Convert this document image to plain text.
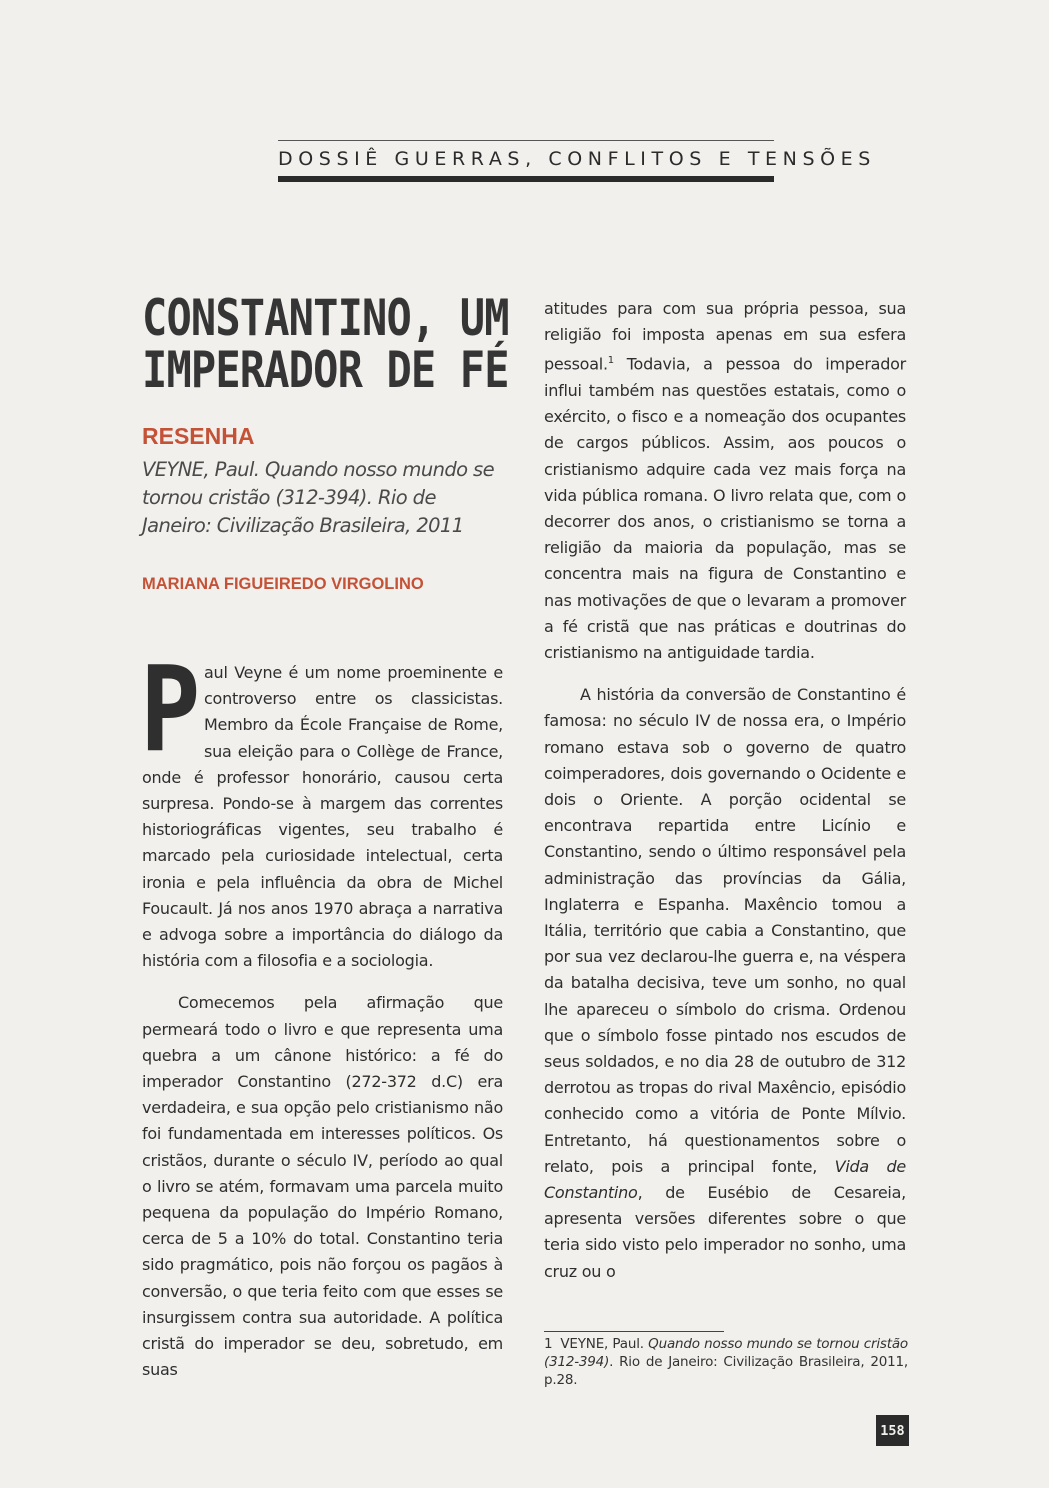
DOSSIÊ GUERRAS, CONFLITOS E TENSÕES
CONSTANTINO, UM
IMPERADOR DE FÉ
RESENHA
VEYNE, Paul. Quando nosso mundo se tornou cristão (312-394). Rio de Janeiro: Civilização Brasileira, 2011
MARIANA FIGUEIREDO VIRGOLINO

Paul Veyne é um nome proeminente e controverso entre os classicistas. Membro da École Française de Rome, sua eleição para o Collège de France, onde é professor honorário, causou certa surpresa. Pondo-se à margem das correntes historiográficas vigentes, seu trabalho é marcado pela curiosidade intelectual, certa ironia e pela influência da obra de Michel Foucault. Já nos anos 1970 abraça a narrativa e advoga sobre a importância do diálogo da história com a filosofia e a sociologia.

Comecemos pela afirmação que permeará todo o livro e que representa uma quebra a um cânone histórico: a fé do imperador Constantino (272-372 d.C) era verdadeira, e sua opção pelo cristianismo não foi fundamentada em interesses políticos. Os cristãos, durante o século IV, período ao qual o livro se atém, formavam uma parcela muito pequena da população do Império Romano, cerca de 5 a 10% do total. Constantino teria sido pragmático, pois não forçou os pagãos à conversão, o que teria feito com que esses se insurgissem contra sua autoridade. A política cristã do imperador se deu, sobretudo, em suas

atitudes para com sua própria pessoa, sua religião foi imposta apenas em sua esfera pessoal.$^1$ Todavia, a pessoa do imperador influi também nas questões estatais, como o exército, o fisco e a nomeação dos ocupantes de cargos públicos. Assim, aos poucos o cristianismo adquire cada vez mais força na vida pública romana. O livro relata que, com o decorrer dos anos, o cristianismo se torna a religião da maioria da população, mas se concentra mais na figura de Constantino e nas motivações de que o levaram a promover a fé cristã que nas práticas e doutrinas do cristianismo na antiguidade tardia.

A história da conversão de Constantino é famosa: no século IV de nossa era, o Império romano estava sob o governo de quatro coimperadores, dois governando o Ocidente e dois o Oriente. A porção ocidental se encontrava repartida entre Licínio e Constantino, sendo o último responsável pela administração das províncias da Gália, Inglaterra e Espanha. Maxêncio tomou a Itália, território que cabia a Constantino, que por sua vez declarou-lhe guerra e, na véspera da batalha decisiva, teve um sonho, no qual lhe apareceu o símbolo do crisma. Ordenou que o símbolo fosse pintado nos escudos de seus soldados, e no dia 28 de outubro de 312 derrotou as tropas do rival Maxêncio, episódio conhecido como a vitória de Ponte Mílvio. Entretanto, há questionamentos sobre o relato, pois a principal fonte, Vida de Constantino, de Eusébio de Cesareia, apresenta versões diferentes sobre o que teria sido visto pelo imperador no sonho, uma cruz ou o

1 VEYNE, Paul. Quando nosso mundo se tornou cristão (312-394). Rio de Janeiro: Civilização Brasileira, 2011, p.28.
158
